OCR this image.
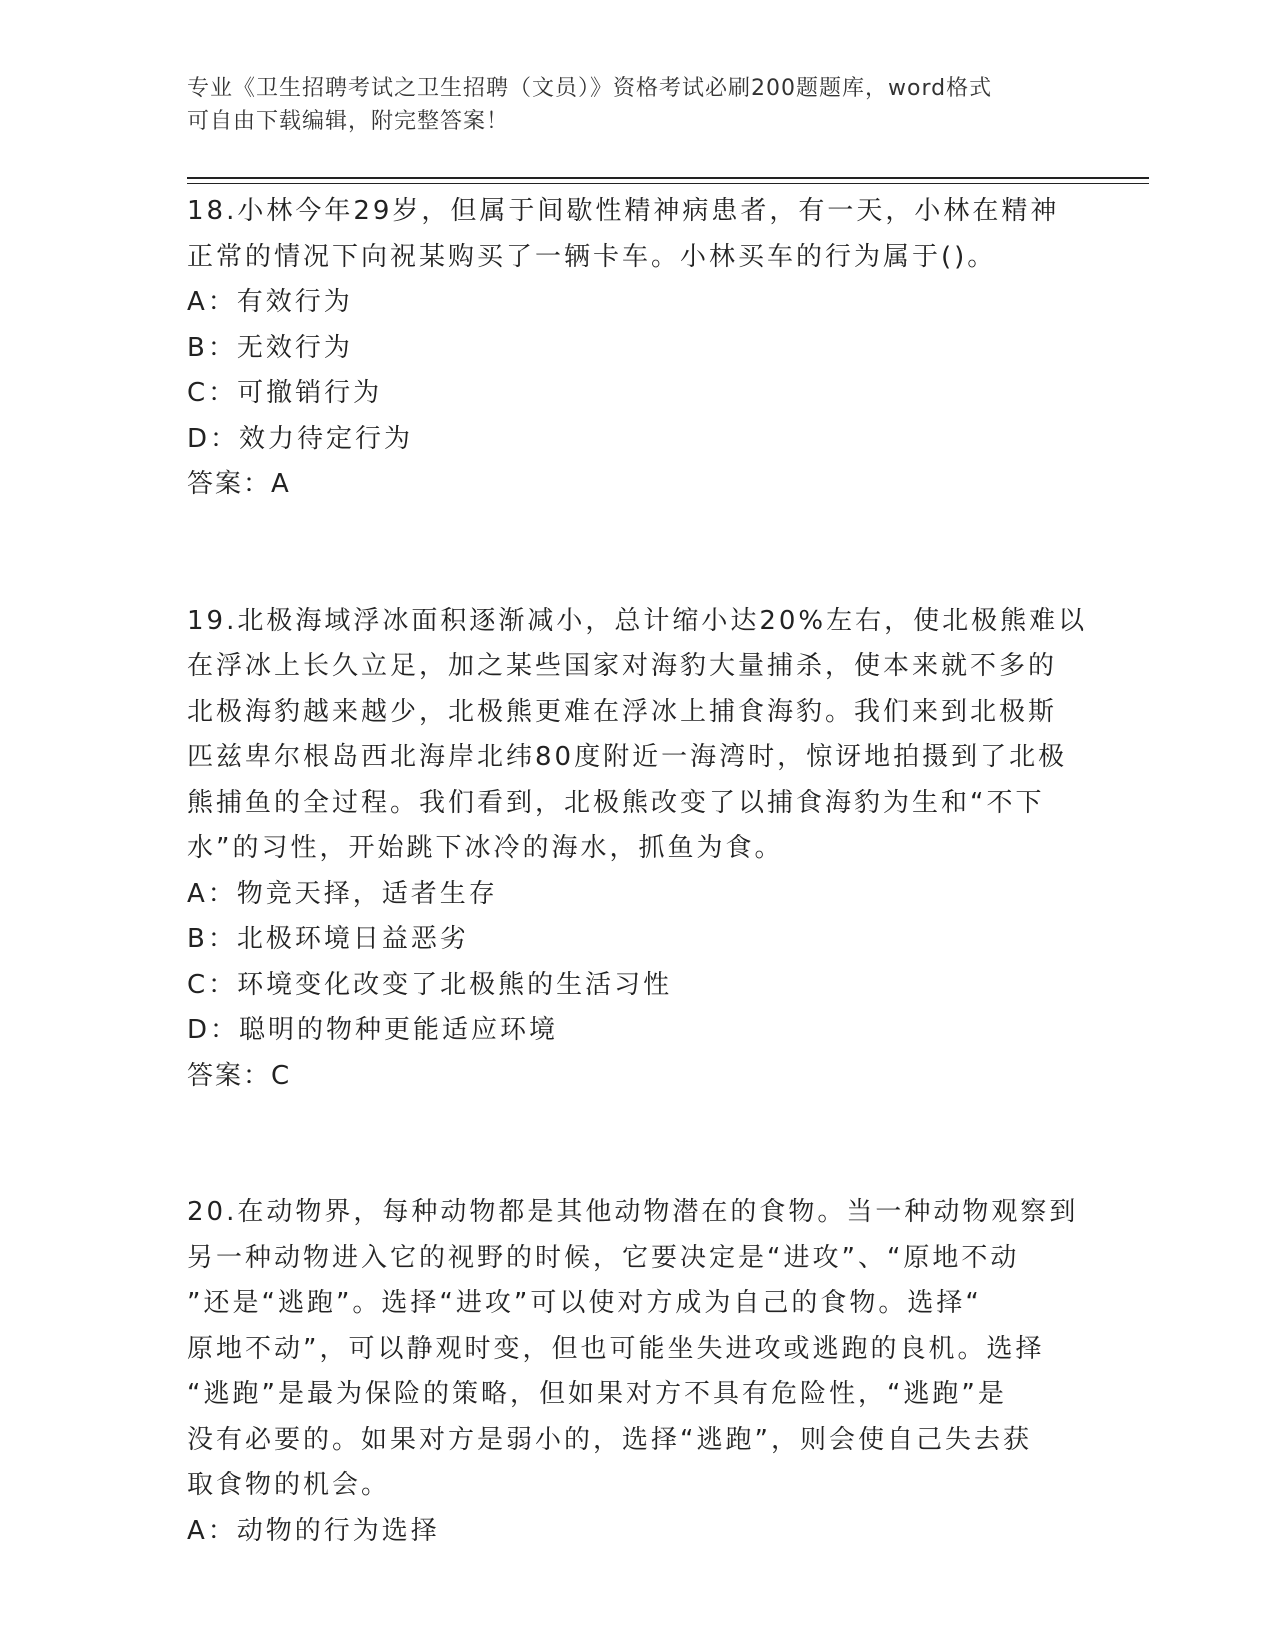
专业《卫生招聘考试之卫生招聘（文员）》资格考试必刷200题题库，word格式
可自由下载编辑，附完整答案！
18.小林今年29岁，但属于间歇性精神病患者，有一天，小林在精神
正常的情况下向祝某购买了一辆卡车。小林买车的行为属于()。
A：有效行为
B：无效行为
C：可撤销行为
D：效力待定行为
答案：A
19.北极海域浮冰面积逐渐减小，总计缩小达20%左右，使北极熊难以
在浮冰上长久立足，加之某些国家对海豹大量捕杀，使本来就不多的
北极海豹越来越少，北极熊更难在浮冰上捕食海豹。我们来到北极斯
匹兹卑尔根岛西北海岸北纬80度附近一海湾时，惊讶地拍摄到了北极
熊捕鱼的全过程。我们看到，北极熊改变了以捕食海豹为生和“不下
水”的习性，开始跳下冰冷的海水，抓鱼为食。
A：物竞天择，适者生存
B：北极环境日益恶劣
C：环境变化改变了北极熊的生活习性
D：聪明的物种更能适应环境
答案：C
20.在动物界，每种动物都是其他动物潜在的食物。当一种动物观察到
另一种动物进入它的视野的时候，它要决定是“进攻”、“原地不动
”还是“逃跑”。选择“进攻”可以使对方成为自己的食物。选择“
原地不动”，可以静观时变，但也可能坐失进攻或逃跑的良机。选择
“逃跑”是最为保险的策略，但如果对方不具有危险性，“逃跑”是
没有必要的。如果对方是弱小的，选择“逃跑”，则会使自己失去获
取食物的机会。
A：动物的行为选择
